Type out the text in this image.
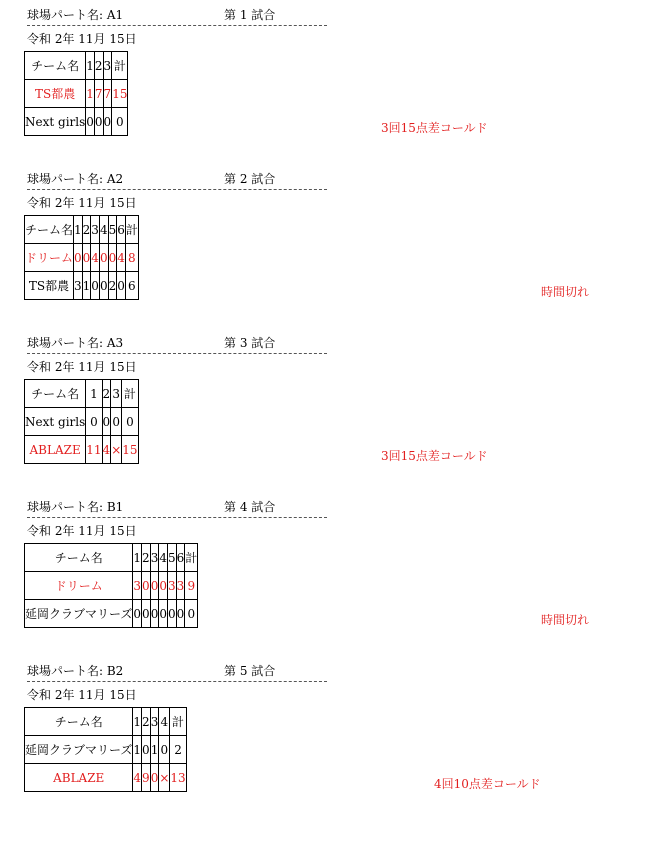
球場パート名: A1	第 1 試合
令和 2年 11月 15日
チーム名	1	2	3	計
TS都農	1	7	7	15
Next girls	0	0	0	0	3回15点差コールド
球場パート名: A2	第 2 試合
令和 2年 11月 15日
チーム名	1	2	3	4	5	6	計
ドリーム	0	0	4	0	0	4	8
TS都農	3	1	0	0	2	0	6	時間切れ
球場パート名: A3	第 3 試合
令和 2年 11月 15日
チーム名	1	2	3	計
Next girls	0	0	0	0
ABLAZE	11	4	×	15	3回15点差コールド
球場パート名: B1	第 4 試合
令和 2年 11月 15日
チーム名	1	2	3	4	5	6	計
ドリーム	3	0	0	0	3	3	9
延岡クラブマリーズ	0	0	0	0	0	0	0	時間切れ
球場パート名: B2	第 5 試合
令和 2年 11月 15日
チーム名	1	2	3	4	計
延岡クラブマリーズ	1	0	1	0	2
ABLAZE	4	9	0	×	13	4回10点差コールド
